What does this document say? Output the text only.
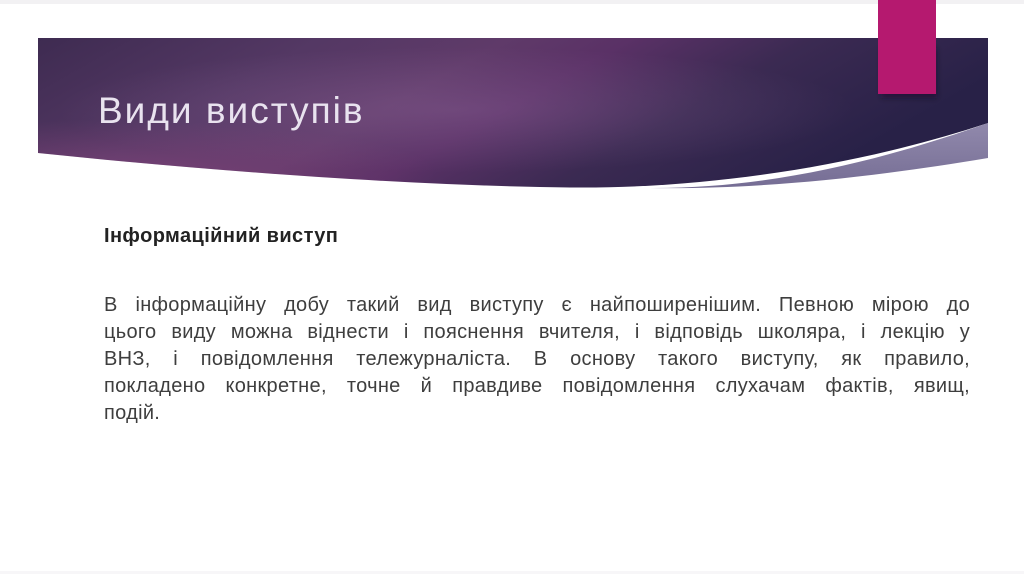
Види виступів
Інформаційний виступ
В інформаційну добу такий вид виступу є найпоширенішим. Певною мірою до
цього виду можна віднести і пояснення вчителя, і відповідь школяра, і лекцію у
ВНЗ, і повідомлення тележурналіста. В основу такого виступу, як правило,
покладено конкретне, точне й правдиве повідомлення слухачам фактів, явищ,
подій.
